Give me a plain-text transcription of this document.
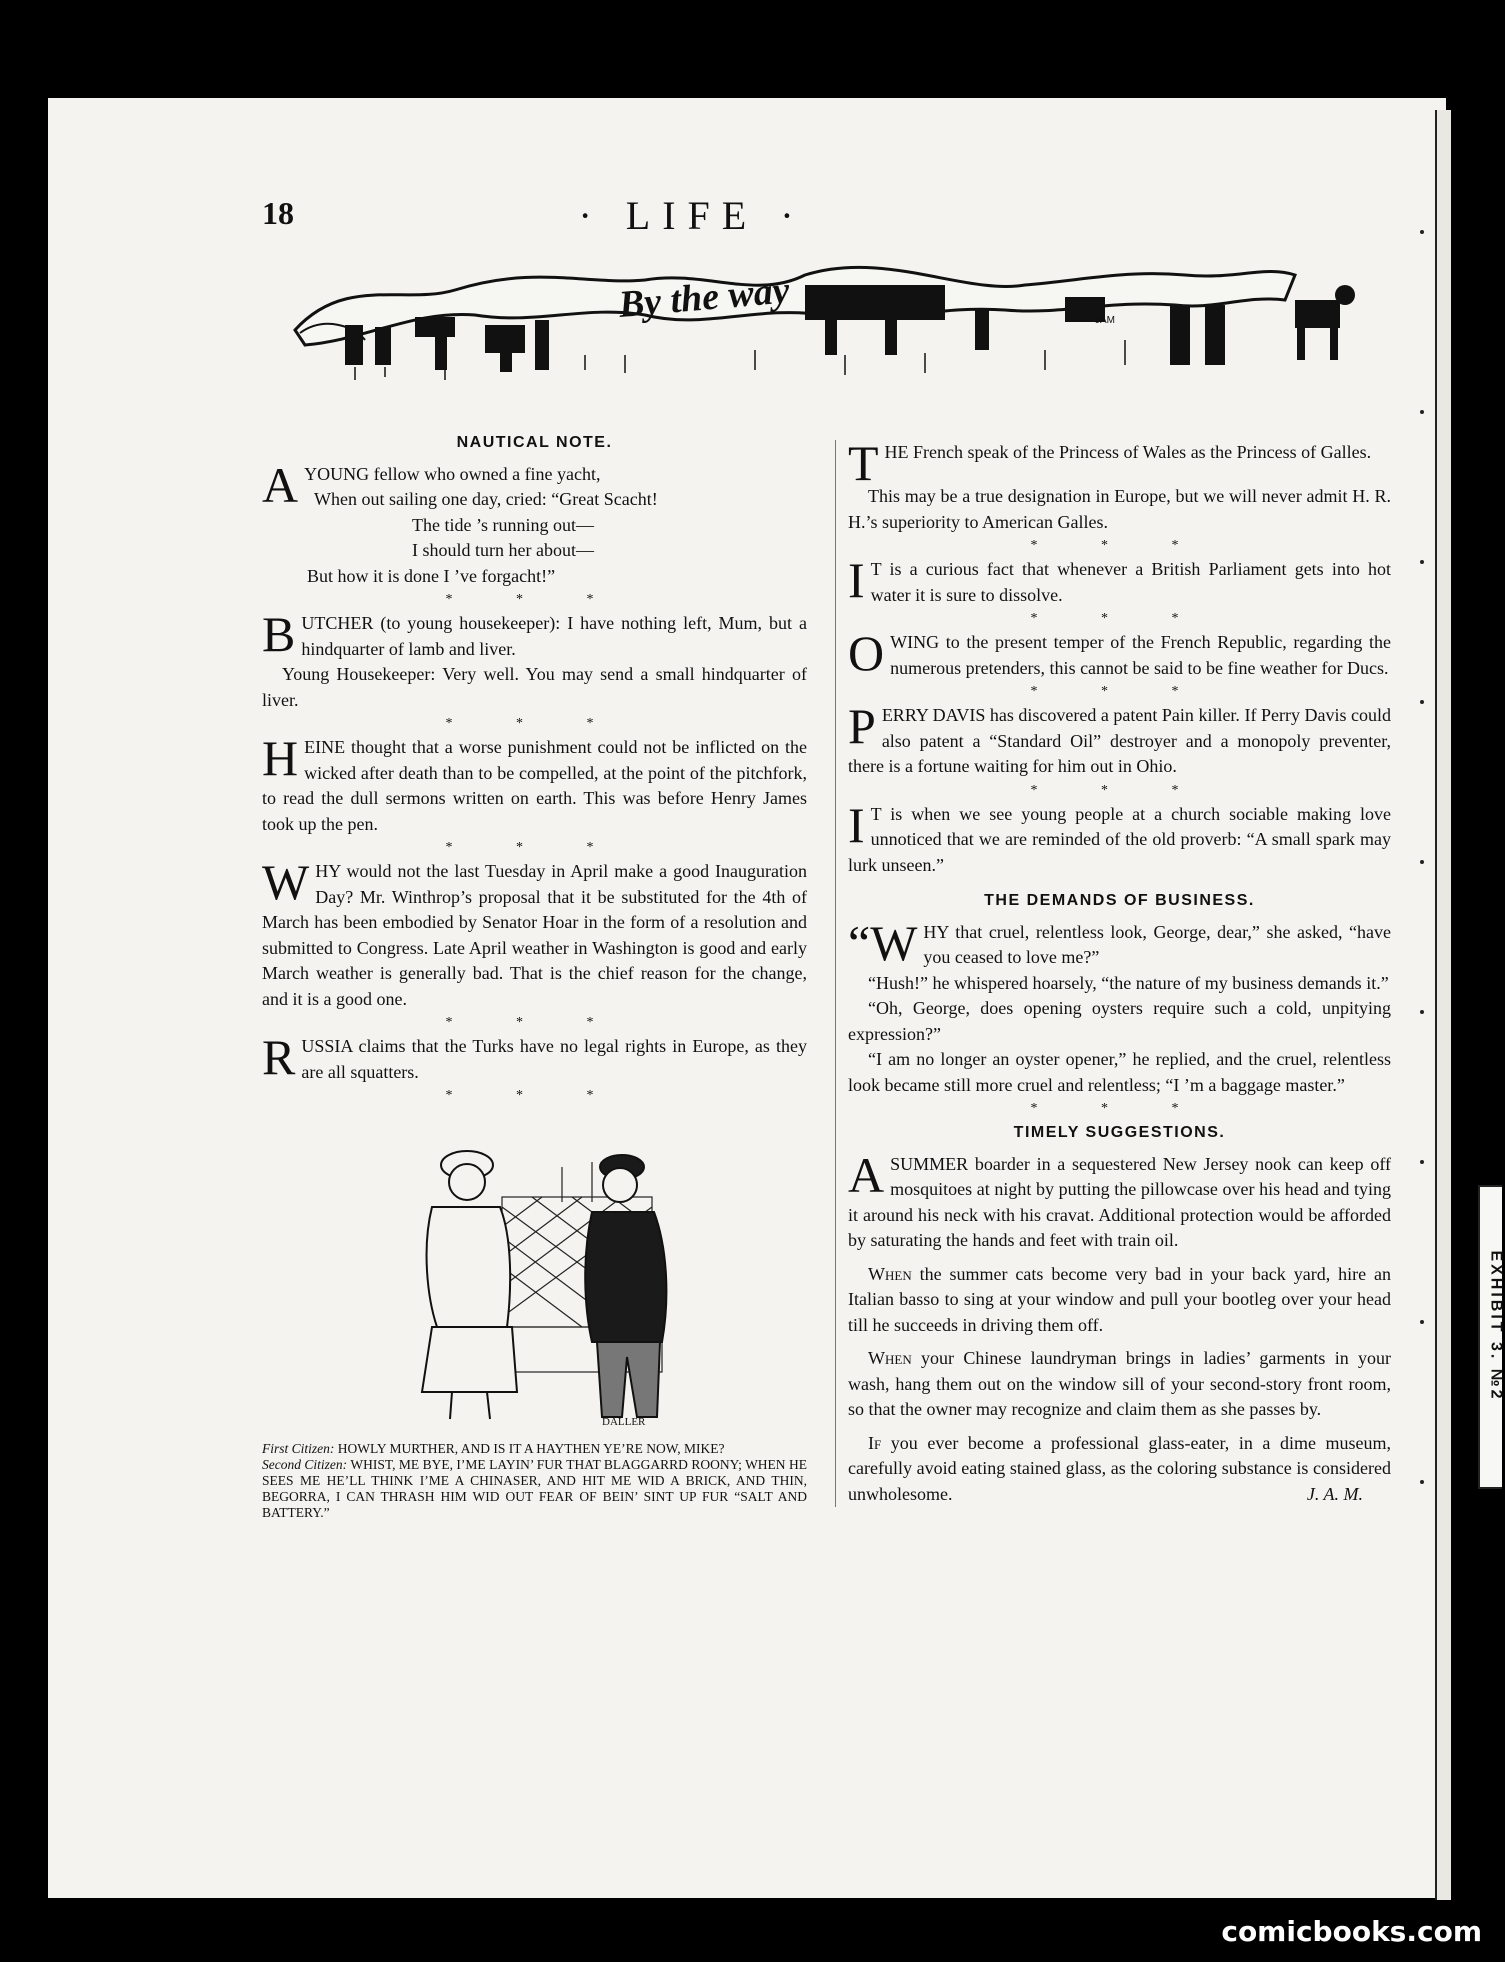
EXHIBIT 3. №2
18	· LIFE ·
By the way	JAM
NAUTICAL NOTE.
A YOUNG fellow who owned a fine yacht,

When out sailing one day, cried: “Great Scacht!

The tide ’s running out—

I should turn her about—

But how it is done I ’ve forgacht!”

* * *

BUTCHER (to young housekeeper): I have nothing left, Mum, but a hindquarter of lamb and liver.

Young Housekeeper: Very well. You may send a small hindquarter of liver.

* * *

HEINE thought that a worse punishment could not be inflicted on the wicked after death than to be compelled, at the point of the pitchfork, to read the dull sermons written on earth. This was before Henry James took up the pen.

* * *

WHY would not the last Tuesday in April make a good Inauguration Day? Mr. Winthrop’s proposal that it be substituted for the 4th of March has been embodied by Senator Hoar in the form of a resolution and submitted to Congress. Late April weather in Washington is good and early March weather is generally bad. That is the chief reason for the change, and it is a good one.

* * *

RUSSIA claims that the Turks have no legal rights in Europe, as they are all squatters.

* * *
DALLER
First Citizen: HOWLY MURTHER, AND IS IT A HAYTHEN YE’RE NOW, MIKE?
Second Citizen: WHIST, ME BYE, I’ME LAYIN’ FUR THAT BLAGGARRD ROONY; WHEN HE SEES ME HE’LL THINK I’ME A CHINASER, AND HIT ME WID A BRICK, AND THIN, BEGORRA, I CAN THRASH HIM WID OUT FEAR OF BEIN’ SINT UP FUR “SALT AND BATTERY.”

THE French speak of the Princess of Wales as the Princess of Galles.

This may be a true designation in Europe, but we will never admit H. R. H.’s superiority to American Galles.

* * *

I T is a curious fact that whenever a British Parliament gets into hot water it is sure to dissolve.

* * *

OWING to the present temper of the French Republic, regarding the numerous pretenders, this cannot be said to be fine weather for Ducs.

* * *

PERRY DAVIS has discovered a patent Pain killer. If Perry Davis could also patent a “Standard Oil” destroyer and a monopoly preventer, there is a fortune waiting for him out in Ohio.

* * *

I T is when we see young people at a church sociable making love unnoticed that we are reminded of the old proverb: “A small spark may lurk unseen.”

THE DEMANDS OF BUSINESS.

“WHY that cruel, relentless look, George, dear,” she asked, “have you ceased to love me?”

“Hush!” he whispered hoarsely, “the nature of my business demands it.”

“Oh, George, does opening oysters require such a cold, unpitying expression?”

“I am no longer an oyster opener,” he replied, and the cruel, relentless look became still more cruel and relentless; “I ’m a baggage master.”

* * *
TIMELY SUGGESTIONS.

ASUMMER boarder in a sequestered New Jersey nook can keep off mosquitoes at night by putting the pillowcase over his head and tying it around his neck with his cravat. Additional protection would be afforded by saturating the hands and feet with train oil.

When the summer cats become very bad in your back yard, hire an Italian basso to sing at your window and pull your bootleg over your head till he succeeds in driving them off.

When your Chinese laundryman brings in ladies’ garments in your wash, hang them out on the window sill of your second-story front room, so that the owner may recognize and claim them as she passes by.

If you ever become a professional glass-eater, in a dime museum, carefully avoid eating stained glass, as the coloring substance is considered unwholesome.	J. A. M.

comicbooks.com
